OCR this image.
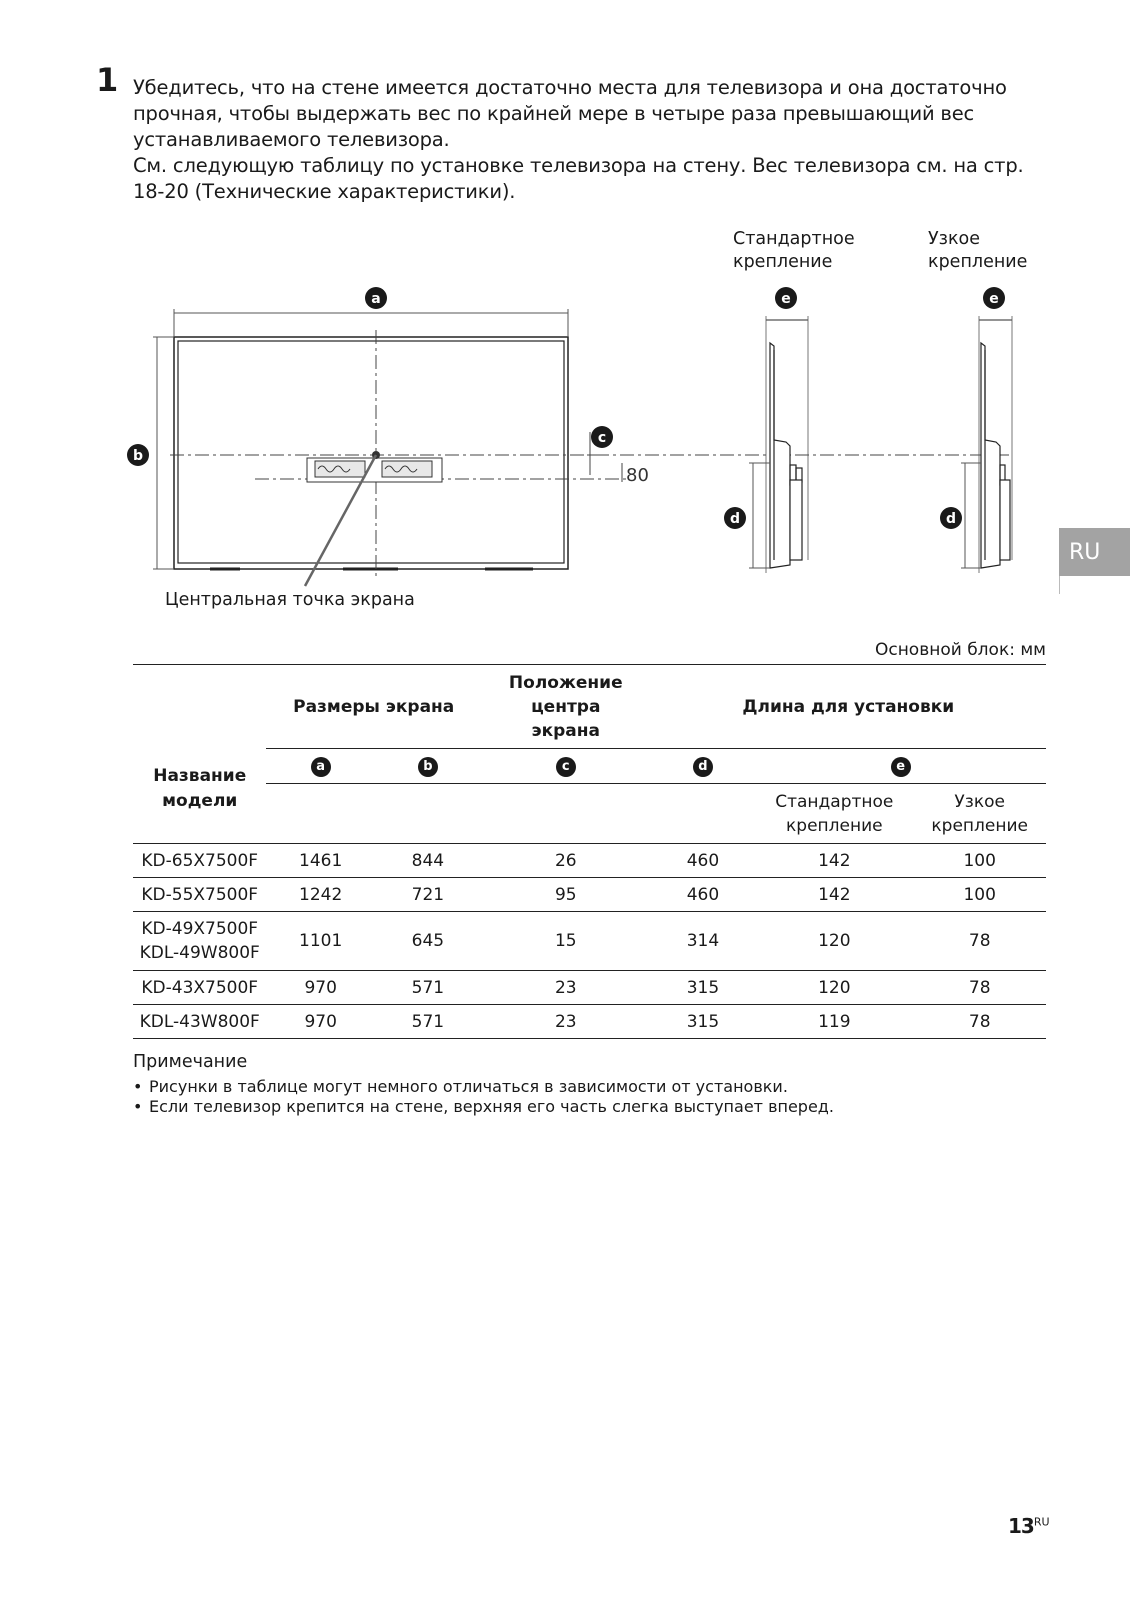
1 Убедитесь, что на стене имеется достаточно места для телевизора и она достаточно прочная, чтобы выдержать вес по крайней мере в четыре раза превышающий вес устанавливаемого телевизора.

См. следующую таблицу по установке телевизора на стену. Вес телевизора см. на стр. 18-20 (Технические характеристики).

Стандартное крепление
Узкое крепление
80
a
b
c
d	d
e	e
Центральная точка экрана
RU
Основной блок: мм
Название модели	Размеры экрана		Положение центра экрана	Длина для установки		
	a	b	c	d	e	
					Стандартное крепление	Узкое крепление
KD-65X7500F	1461	844	26	460	142	100
KD-55X7500F	1242	721	95	460	142	100

KD-49X7500F
KDL-49W800F	1101	645	15	314	120	78
KD-43X7500F	970	571	23	315	120	78
KDL-43W800F	970	571	23	315	119	78
Примечание
• Рисунки в таблице могут немного отличаться в зависимости от установки.
• Если телевизор крепится на стене, верхняя его часть слегка выступает вперед.
$13^{RU}$
